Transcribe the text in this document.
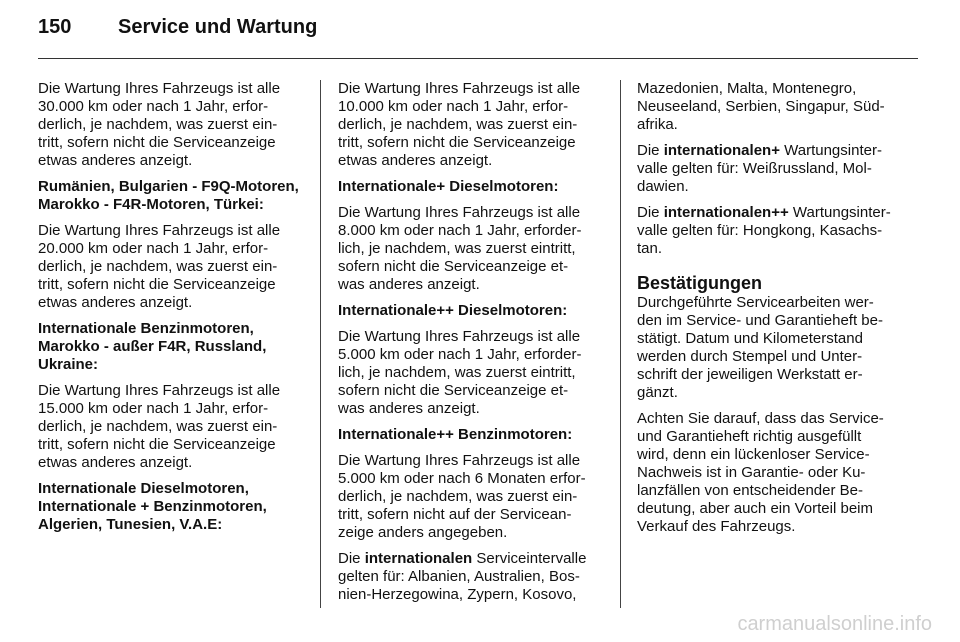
150 Service und Wartung

Die Wartung Ihres Fahrzeugs ist alle
30.000 km oder nach 1 Jahr, erfor-
derlich, je nachdem, was zuerst ein-
tritt, sofern nicht die Serviceanzeige
etwas anderes anzeigt.

Rumänien, Bulgarien - F9Q-Motoren,
Marokko - F4R-Motoren, Türkei:

Die Wartung Ihres Fahrzeugs ist alle
20.000 km oder nach 1 Jahr, erfor-
derlich, je nachdem, was zuerst ein-
tritt, sofern nicht die Serviceanzeige
etwas anderes anzeigt.

Internationale Benzinmotoren,
Marokko - außer F4R, Russland,
Ukraine:

Die Wartung Ihres Fahrzeugs ist alle
15.000 km oder nach 1 Jahr, erfor-
derlich, je nachdem, was zuerst ein-
tritt, sofern nicht die Serviceanzeige
etwas anderes anzeigt.

Internationale Dieselmotoren,
Internationale + Benzinmotoren,
Algerien, Tunesien, V.A.E:

Die Wartung Ihres Fahrzeugs ist alle
10.000 km oder nach 1 Jahr, erfor-
derlich, je nachdem, was zuerst ein-
tritt, sofern nicht die Serviceanzeige
etwas anderes anzeigt.

Internationale+ Dieselmotoren:

Die Wartung Ihres Fahrzeugs ist alle
8.000 km oder nach 1 Jahr, erforder-
lich, je nachdem, was zuerst eintritt,
sofern nicht die Serviceanzeige et-
was anderes anzeigt.

Internationale++ Dieselmotoren:

Die Wartung Ihres Fahrzeugs ist alle
5.000 km oder nach 1 Jahr, erforder-
lich, je nachdem, was zuerst eintritt,
sofern nicht die Serviceanzeige et-
was anderes anzeigt.

Internationale++ Benzinmotoren:

Die Wartung Ihres Fahrzeugs ist alle
5.000 km oder nach 6 Monaten erfor-
derlich, je nachdem, was zuerst ein-
tritt, sofern nicht auf der Servicean-
zeige anders angegeben.

Die internationalen Serviceintervalle
gelten für: Albanien, Australien, Bos-
nien-Herzegowina, Zypern, Kosovo,

Mazedonien, Malta, Montenegro,
Neuseeland, Serbien, Singapur, Süd-
afrika.

Die internationalen+ Wartungsinter-
valle gelten für: Weißrussland, Mol-
dawien.

Die internationalen++ Wartungsinter-
valle gelten für: Hongkong, Kasachs-
tan.

Bestätigungen

Durchgeführte Servicearbeiten wer-
den im Service- und Garantieheft be-
stätigt. Datum und Kilometerstand
werden durch Stempel und Unter-
schrift der jeweiligen Werkstatt er-
gänzt.

Achten Sie darauf, dass das Service-
und Garantieheft richtig ausgefüllt
wird, denn ein lückenloser Service-
Nachweis ist in Garantie- oder Ku-
lanzfällen von entscheidender Be-
deutung, aber auch ein Vorteil beim
Verkauf des Fahrzeugs.

carmanualsonline.info
